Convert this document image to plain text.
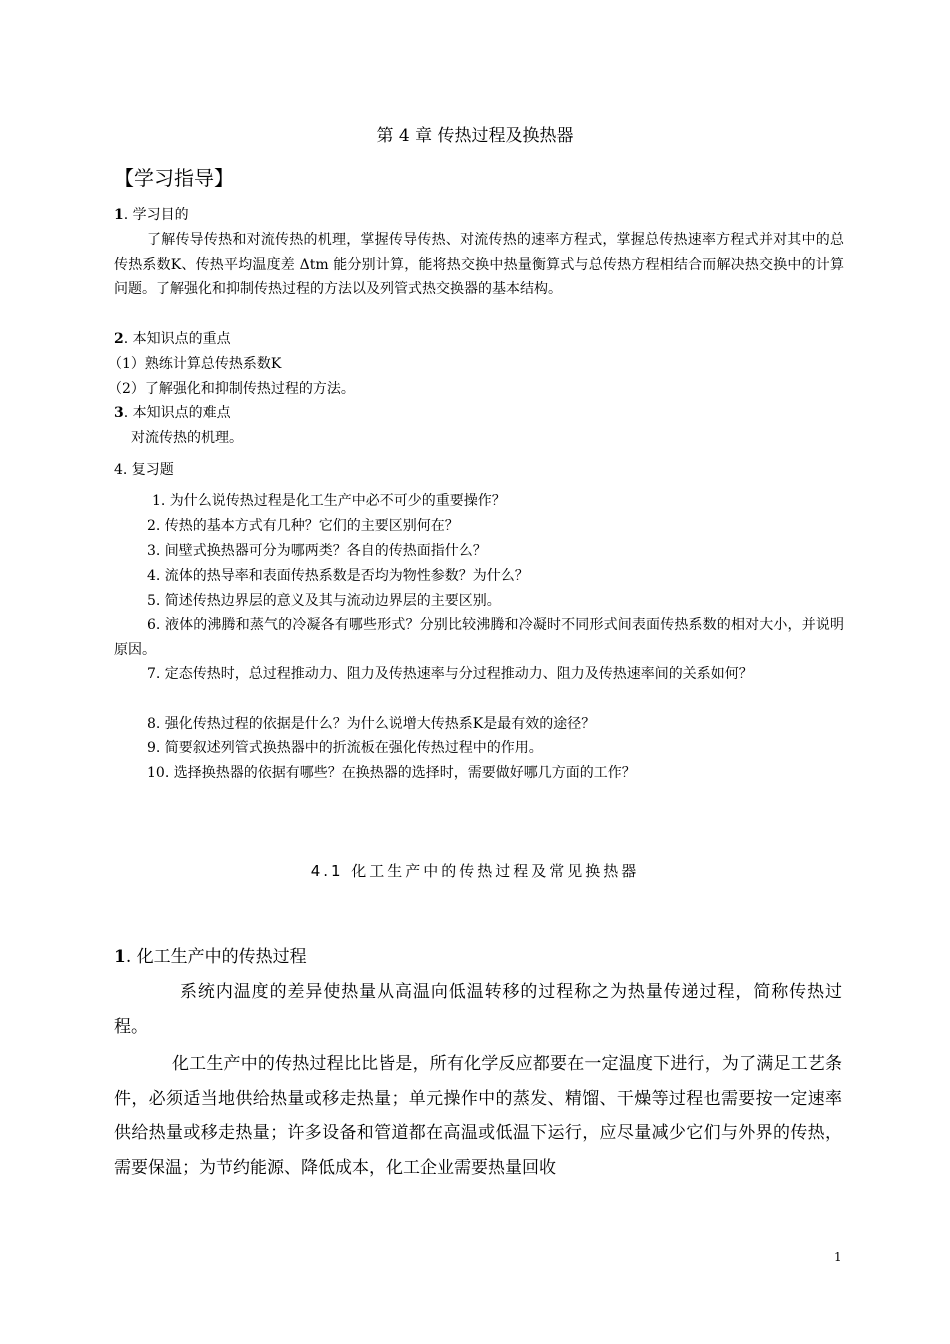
第 4 章 传热过程及换热器
【学习指导】
1. 学习目的
了解传导传热和对流传热的机理，掌握传导传热、对流传热的速率方程式，掌握总传热速率方程式并对其中的总传热系数K、传热平均温度差 Δtm 能分别计算，能将热交换中热量衡算式与总传热方程相结合而解决热交换中的计算问题。了解强化和抑制传热过程的方法以及列管式热交换器的基本结构。
2. 本知识点的重点
（1）熟练计算总传热系数K
（2）了解强化和抑制传热过程的方法。
3. 本知识点的难点
对流传热的机理。
4. 复习题
1. 为什么说传热过程是化工生产中必不可少的重要操作？
2. 传热的基本方式有几种？它们的主要区别何在？
3. 间壁式换热器可分为哪两类？各自的传热面指什么？
4. 流体的热导率和表面传热系数是否均为物性参数？为什么？
5. 简述传热边界层的意义及其与流动边界层的主要区别。
6. 液体的沸腾和蒸气的冷凝各有哪些形式？分别比较沸腾和冷凝时不同形式间表面传热系数的相对大小，并说明原因。
7. 定态传热时，总过程推动力、阻力及传热速率与分过程推动力、阻力及传热速率间的关系如何？
8. 强化传热过程的依据是什么？为什么说增大传热系K是最有效的途径？
9. 简要叙述列管式换热器中的折流板在强化传热过程中的作用。
10. 选择换热器的依据有哪些？在换热器的选择时，需要做好哪几方面的工作？
4.1 化工生产中的传热过程及常见换热器
1. 化工生产中的传热过程
系统内温度的差异使热量从高温向低温转移的过程称之为热量传递过程，简称传热过程。
化工生产中的传热过程比比皆是，所有化学反应都要在一定温度下进行，为了满足工艺条件，必须适当地供给热量或移走热量；单元操作中的蒸发、精馏、干燥等过程也需要按一定速率供给热量或移走热量；许多设备和管道都在高温或低温下运行，应尽量减少它们与外界的传热，需要保温；为节约能源、降低成本，化工企业需要热量回收
1
